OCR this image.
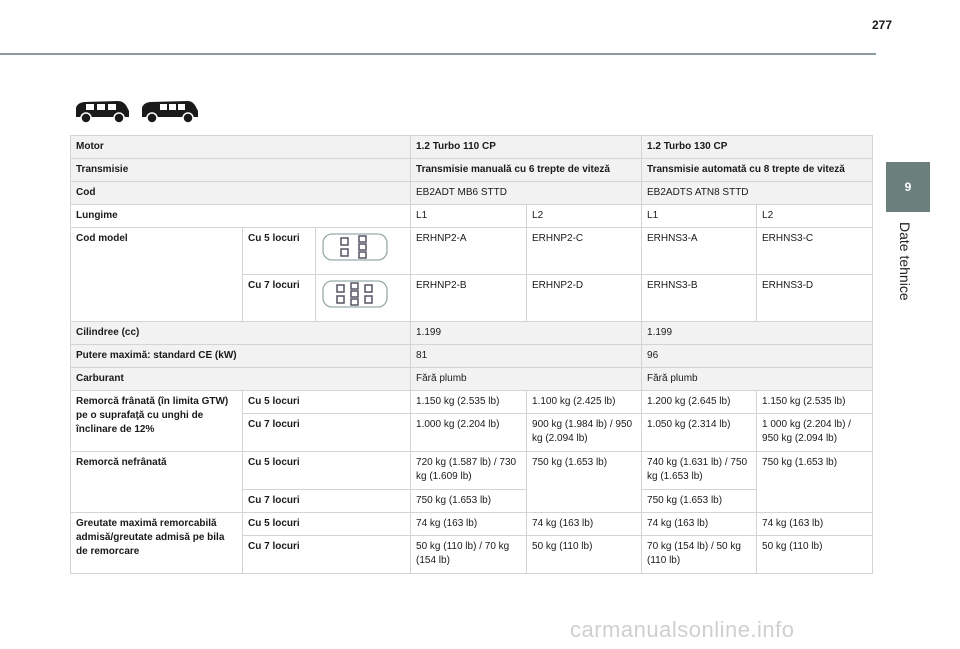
277
9
Date tehnice
Motor			1.2 Turbo 110 CP		1.2 Turbo 130 CP	
Transmisie			Transmisie manuală cu 6 trepte de viteză		Transmisie automată cu 8 trepte de viteză	
Cod			EB2ADT MB6 STTD		EB2ADTS ATN8 STTD	
Lungime			L1	L2	L1	L2
Cod model	Cu 5 locuri		ERHNP2-A	ERHNP2-C	ERHNS3-A	ERHNS3-C
	Cu 7 locuri		ERHNP2-B	ERHNP2-D	ERHNS3-B	ERHNS3-D
Cilindree (cc)			1.199		1.199	
Putere maximă: standard CE (kW)			81		96	
Carburant			Fără plumb		Fără plumb	
Remorcă frânată (în limita GTW) pe o suprafaţă cu unghi de înclinare de 12%	Cu 5 locuri		1.150 kg (2.535 lb)	1.100 kg (2.425 lb)	1.200 kg (2.645 lb)	1.150 kg (2.535 lb)
	Cu 7 locuri		1.000 kg (2.204 lb)	900 kg (1.984 lb) / 950 kg (2.094 lb)	1.050 kg (2.314 lb)	1 000 kg (2.204 lb) / 950 kg (2.094 lb)
Remorcă nefrânată	Cu 5 locuri		720 kg (1.587 lb) / 730 kg (1.609 lb)	750 kg (1.653 lb)	740 kg (1.631 lb) / 750 kg (1.653 lb)	750 kg (1.653 lb)
	Cu 7 locuri		750 kg (1.653 lb)		750 kg (1.653 lb)	
Greutate maximă remorcabilă admisă/greutate admisă pe bila de remorcare	Cu 5 locuri		74 kg (163 lb)	74 kg (163 lb)	74 kg (163 lb)	74 kg (163 lb)
	Cu 7 locuri		50 kg (110 lb) / 70 kg (154 lb)	50 kg (110 lb)	70 kg (154 lb) / 50 kg (110 lb)	50 kg (110 lb)
carmanualsonline.info
